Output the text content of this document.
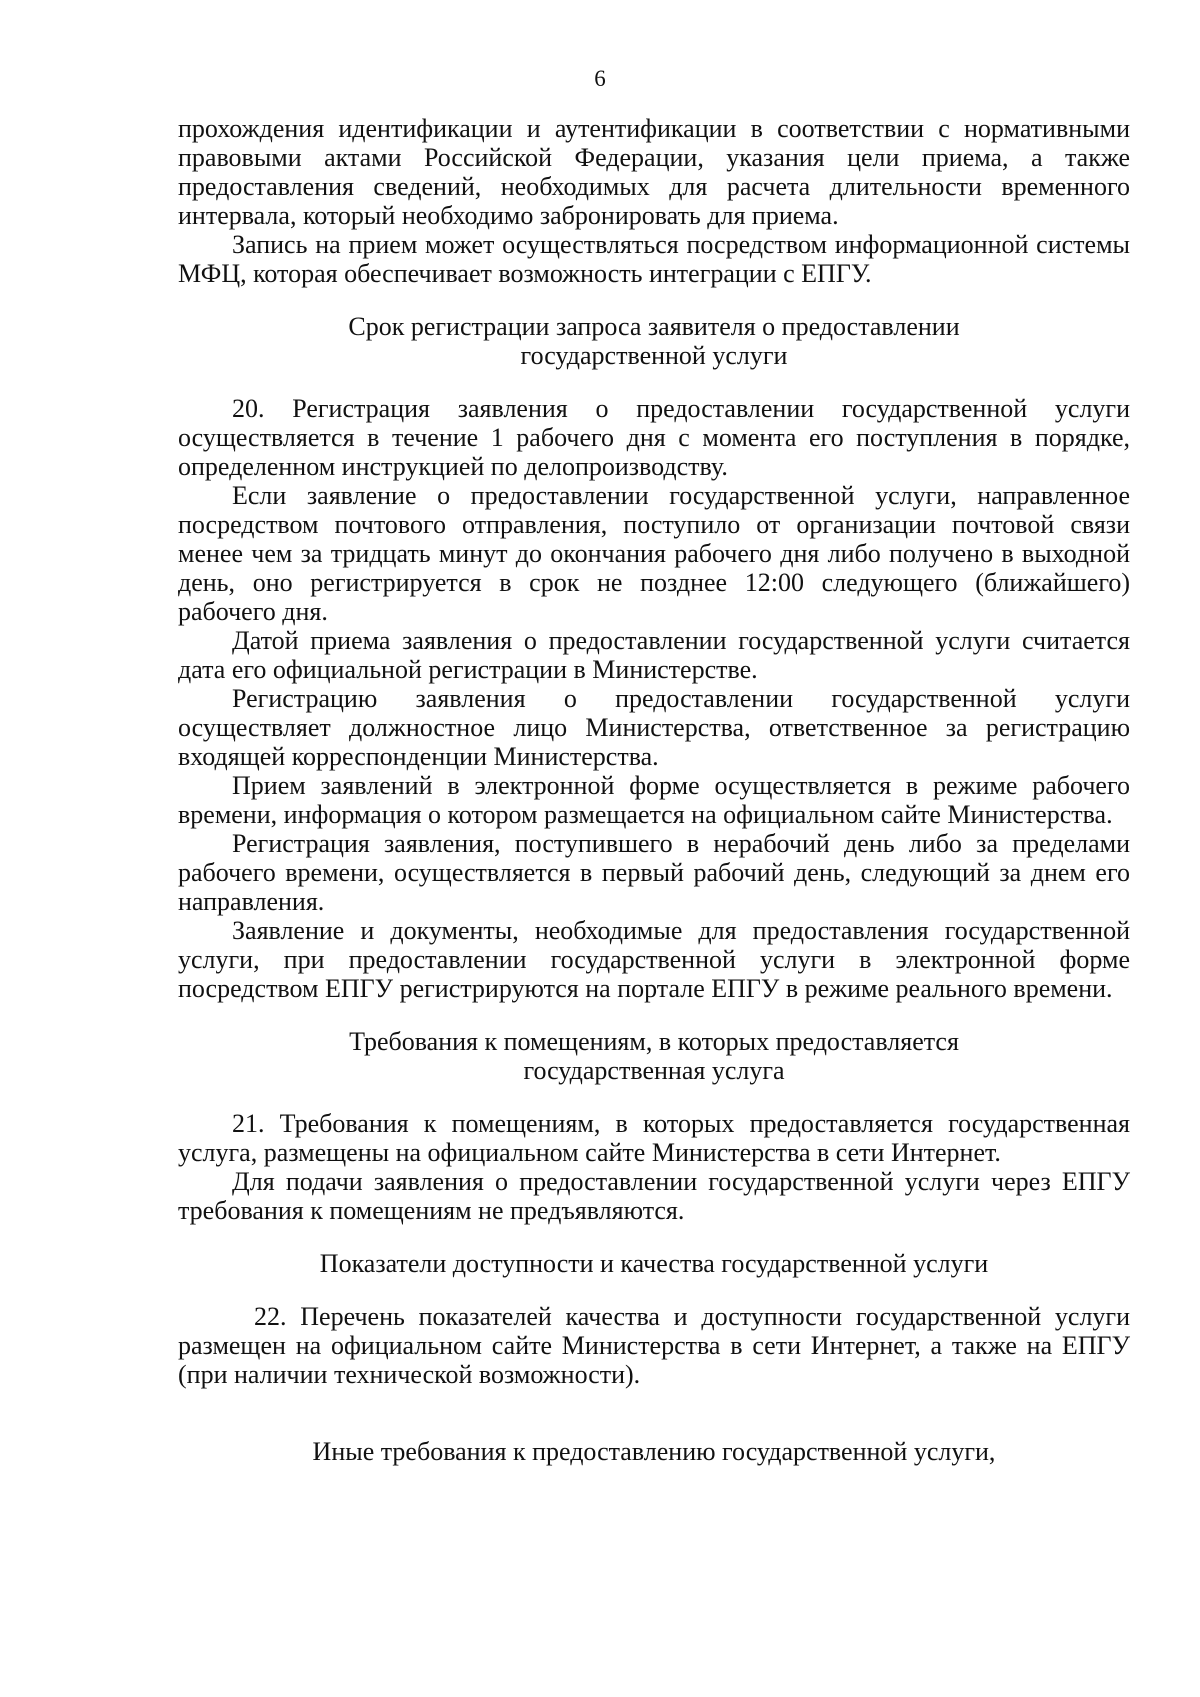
6

прохождения идентификации и аутентификации в соответствии с нормативными правовыми актами Российской Федерации, указания цели приема, а также предоставления сведений, необходимых для расчета длительности временного интервала, который необходимо забронировать для приема.

Запись на прием может осуществляться посредством информационной системы МФЦ, которая обеспечивает возможность интеграции с ЕПГУ.

Срок регистрации запроса заявителя о предоставлении

государственной услуги

20. Регистрация заявления о предоставлении государственной услуги осуществляется в течение 1 рабочего дня с момента его поступления в порядке, определенном инструкцией по делопроизводству.

Если заявление о предоставлении государственной услуги, направленное посредством почтового отправления, поступило от организации почтовой связи менее чем за тридцать минут до окончания рабочего дня либо получено в выходной день, оно регистрируется в срок не позднее 12:00 следующего (ближайшего) рабочего дня.

Датой приема заявления о предоставлении государственной услуги считается дата его официальной регистрации в Министерстве.

Регистрацию заявления о предоставлении государственной услуги осуществляет должностное лицо Министерства, ответственное за регистрацию входящей корреспонденции Министерства.

Прием заявлений в электронной форме осуществляется в режиме рабочего времени, информация о котором размещается на официальном сайте Министерства.

Регистрация заявления, поступившего в нерабочий день либо за пределами рабочего времени, осуществляется в первый рабочий день, следующий за днем его направления.

Заявление и документы, необходимые для предоставления государственной услуги, при предоставлении государственной услуги в электронной форме посредством ЕПГУ регистрируются на портале ЕПГУ в режиме реального времени.

Требования к помещениям, в которых предоставляется

государственная услуга

21. Требования к помещениям, в которых предоставляется государственная услуга, размещены на официальном сайте Министерства в сети Интернет.

Для подачи заявления о предоставлении государственной услуги через ЕПГУ требования к помещениям не предъявляются.

Показатели доступности и качества государственной услуги

22. Перечень показателей качества и доступности государственной услуги размещен на официальном сайте Министерства в сети Интернет, а также на ЕПГУ (при наличии технической возможности).

Иные требования к предоставлению государственной услуги,
